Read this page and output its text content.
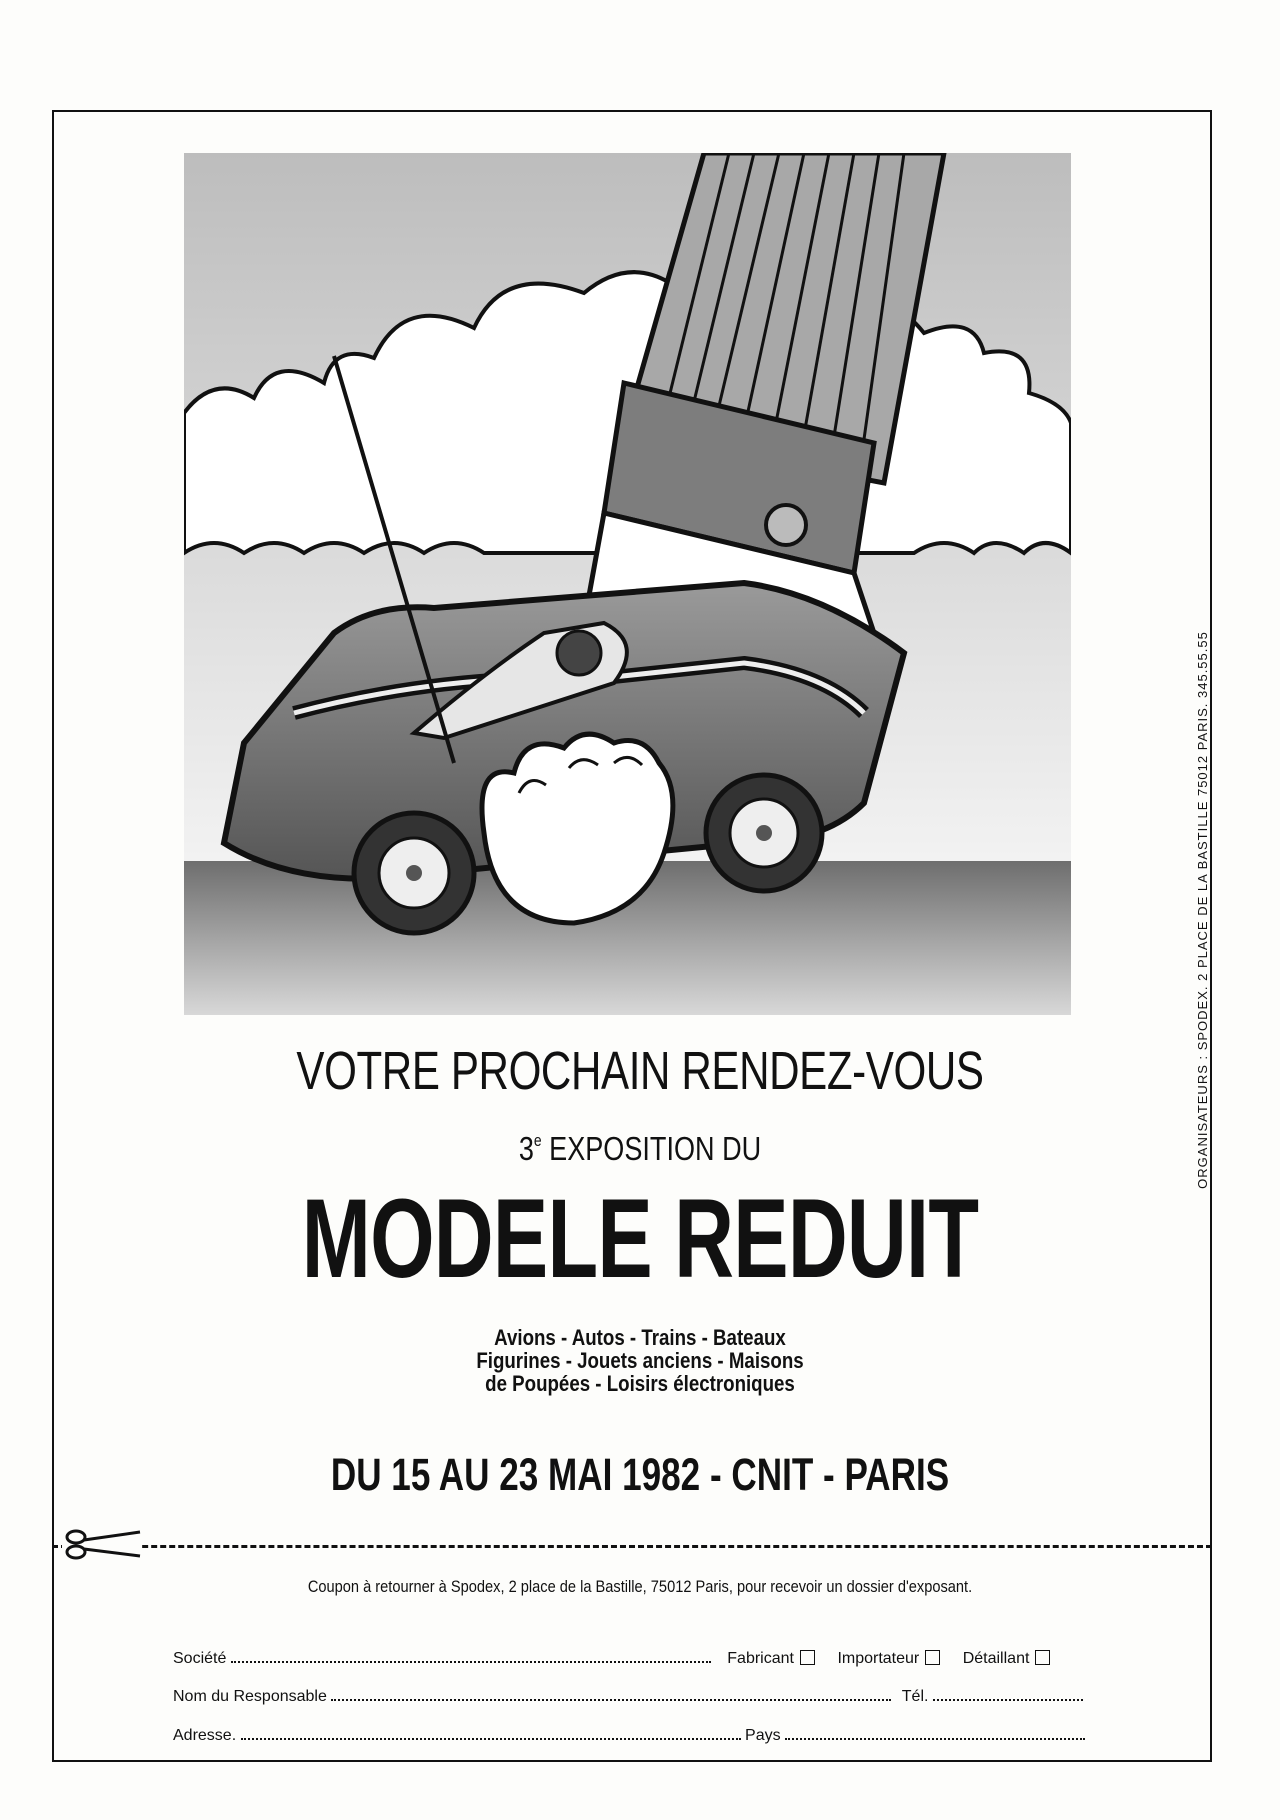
ORGANISATEURS : SPODEX. 2 PLACE DE LA BASTILLE 75012 PARIS. 345.55.55
VOTRE PROCHAIN RENDEZ-VOUS
3e EXPOSITION DU
MODELE REDUIT
Avions - Autos - Trains - Bateaux
Figurines - Jouets anciens - Maisons
de Poupées - Loisirs électroniques
DU 15 AU 23 MAI 1982 - CNIT - PARIS
Coupon à retourner à Spodex, 2 place de la Bastille, 75012 Paris, pour recevoir un dossier d'exposant.
Société	Fabricant	Importateur	Détaillant
Nom du Responsable	Tél.
Adresse.	Pays
